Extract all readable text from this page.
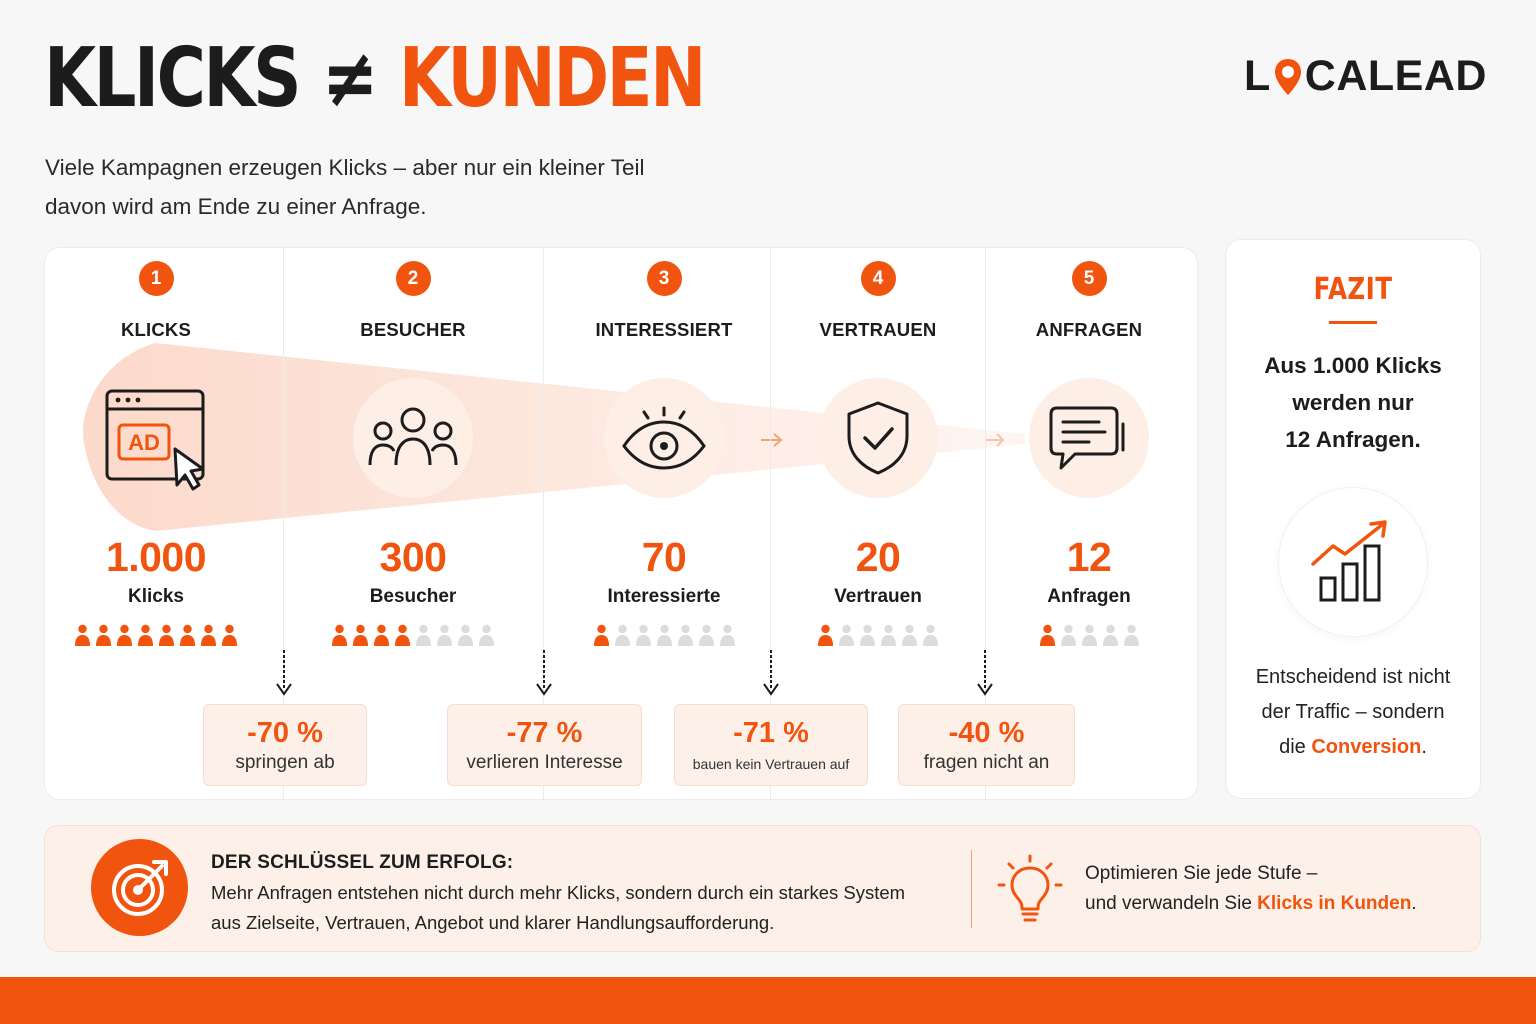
KLICKS ≠ KUNDEN
Viele Kampagnen erzeugen Klicks – aber nur ein kleiner Teil
davon wird am Ende zu einer Anfrage.
L CALEAD
1
KLICKS
AD
1.000
Klicks
2
BESUCHER
300
Besucher
3
INTERESSIERT
70
Interessierte
4
VERTRAUEN
20
Vertrauen
5
ANFRAGEN
12
Anfragen
-70 %
springen ab
-77 %
verlieren Interesse
-71 %
bauen kein Vertrauen auf
-40 %
fragen nicht an
FAZIT
Aus 1.000 Klicks
werden nur
12 Anfragen.
Entscheidend ist nicht
der Traffic – sondern
die Conversion.
DER SCHLÜSSEL ZUM ERFOLG:
Mehr Anfragen entstehen nicht durch mehr Klicks, sondern durch ein starkes System
aus Zielseite, Vertrauen, Angebot und klarer Handlungsaufforderung.
Optimieren Sie jede Stufe –
und verwandeln Sie Klicks in Kunden.
